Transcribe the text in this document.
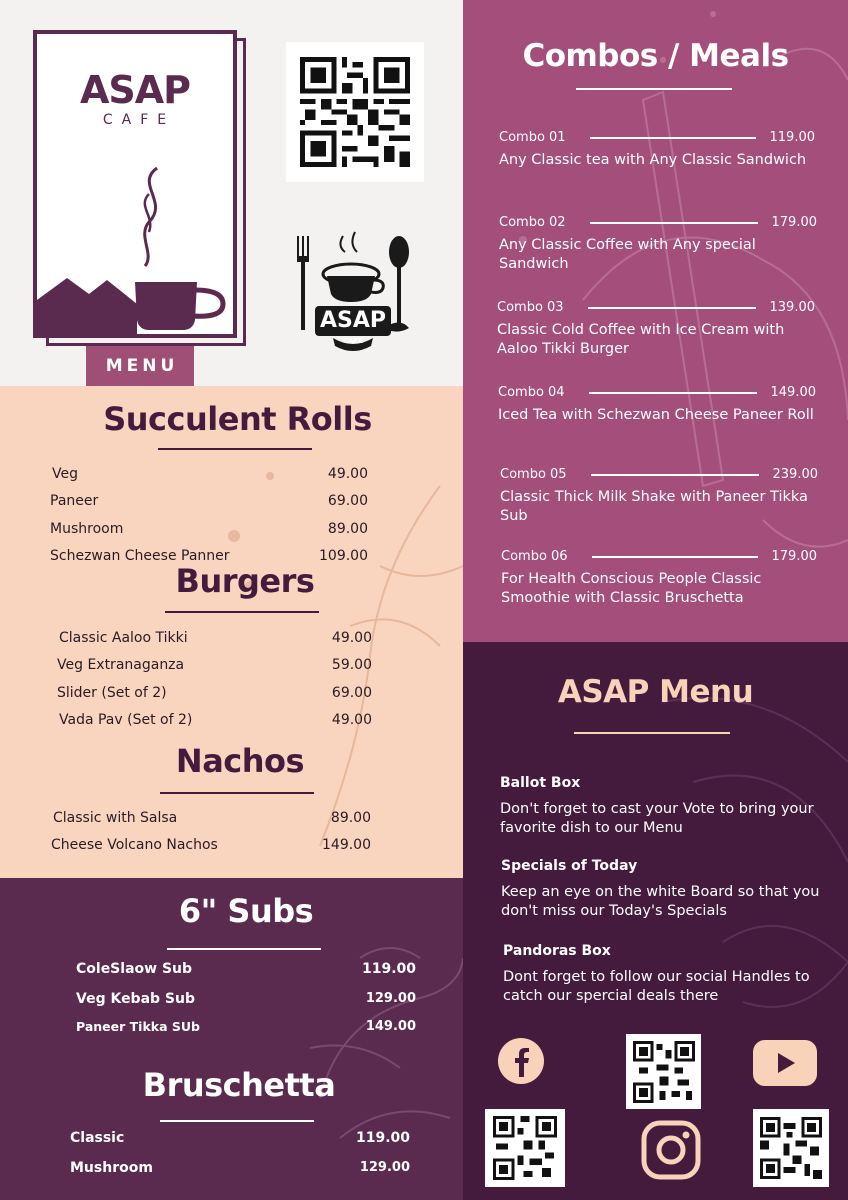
ASAP
CAFE
MENU
ASAP
CAFE
Succulent Rolls
Veg	49.00
Paneer	69.00
Mushroom	89.00
Schezwan Cheese Panner	109.00
Burgers
Classic Aaloo Tikki	49.00
Veg Extranaganza	59.00
Slider (Set of 2)	69.00
Vada Pav (Set of 2)	49.00
Nachos
Classic with Salsa	89.00
Cheese Volcano Nachos	149.00
6" Subs
ColeSlaow Sub	119.00
Veg Kebab Sub	129.00
Paneer Tikka SUb	149.00
Bruschetta
Classic	119.00
Mushroom	129.00
Combos / Meals
Combo 01	119.00
Any Classic tea with Any Classic Sandwich
Combo 02	179.00
Any Classic Coffee with Any special Sandwich
Combo 03	139.00
Classic Cold Coffee with Ice Cream with Aaloo Tikki Burger
Combo 04	149.00
Iced Tea with Schezwan Cheese Paneer Roll
Combo 05	239.00
Classic Thick Milk Shake with Paneer Tikka Sub
Combo 06	179.00
For Health Conscious People Classic Smoothie with Classic Bruschetta
ASAP Menu
Ballot Box
Don't forget to cast your Vote to bring your favorite dish to our Menu
Specials of Today
Keep an eye on the white Board so that you don't miss our Today's Specials
Pandoras Box
Dont forget to follow our social Handles to catch our spercial deals there
